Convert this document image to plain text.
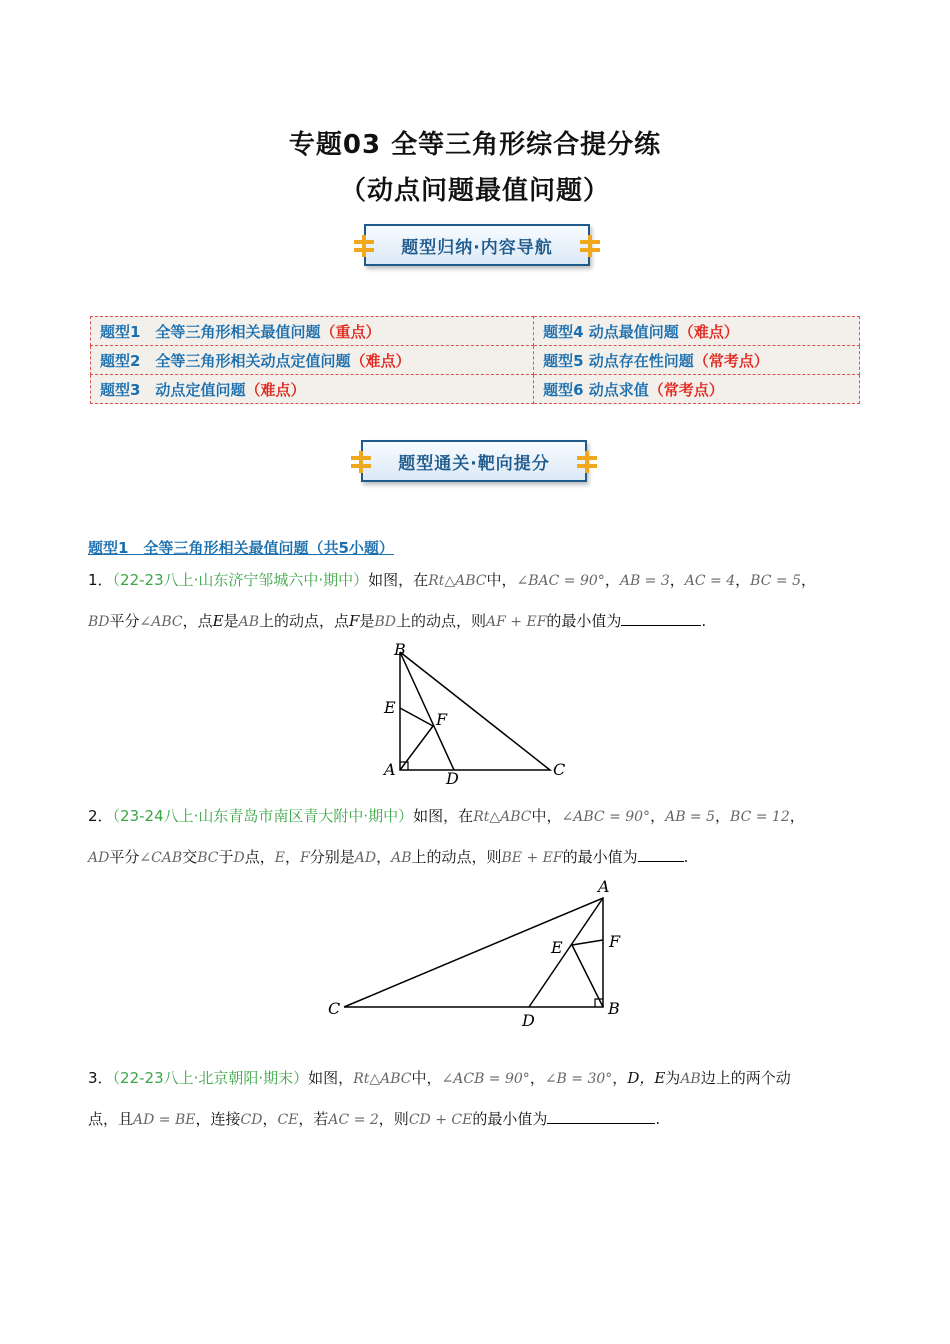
专题03 全等三角形综合提分练
（动点问题最值问题）
题型归纳·内容导航
题型1　全等三角形相关最值问题（重点）	题型4 动点最值问题（难点）
题型2　全等三角形相关动点定值问题（难点）	题型5 动点存在性问题（常考点）
题型3　动点定值问题（难点）	题型6 动点求值（常考点）
题型通关·靶向提分
题型1　全等三角形相关最值问题（共5小题）
1．（22-23八上·山东济宁邹城六中·期中）如图，在Rt△ABC中，∠BAC = 90°，AB = 3，AC = 4，BC = 5，
BD平分∠ABC，点E是AB上的动点，点F是BD上的动点，则AF + EF的最小值为	.
B
E
F
A	D	C
2．（23-24八上·山东青岛市南区青大附中·期中）如图，在Rt△ABC中，∠ABC = 90°，AB = 5，BC = 12，
AD平分∠CAB交BC于D点，E，F分别是AD，AB上的动点，则BE + EF的最小值为	.
A
E	F
C
D
B
3．（22-23八上·北京朝阳·期末）如图，Rt△ABC中，∠ACB = 90°，∠B = 30°，D，E为AB边上的两个动
点，且AD = BE，连接CD，CE，若AC = 2，则CD + CE的最小值为	.
